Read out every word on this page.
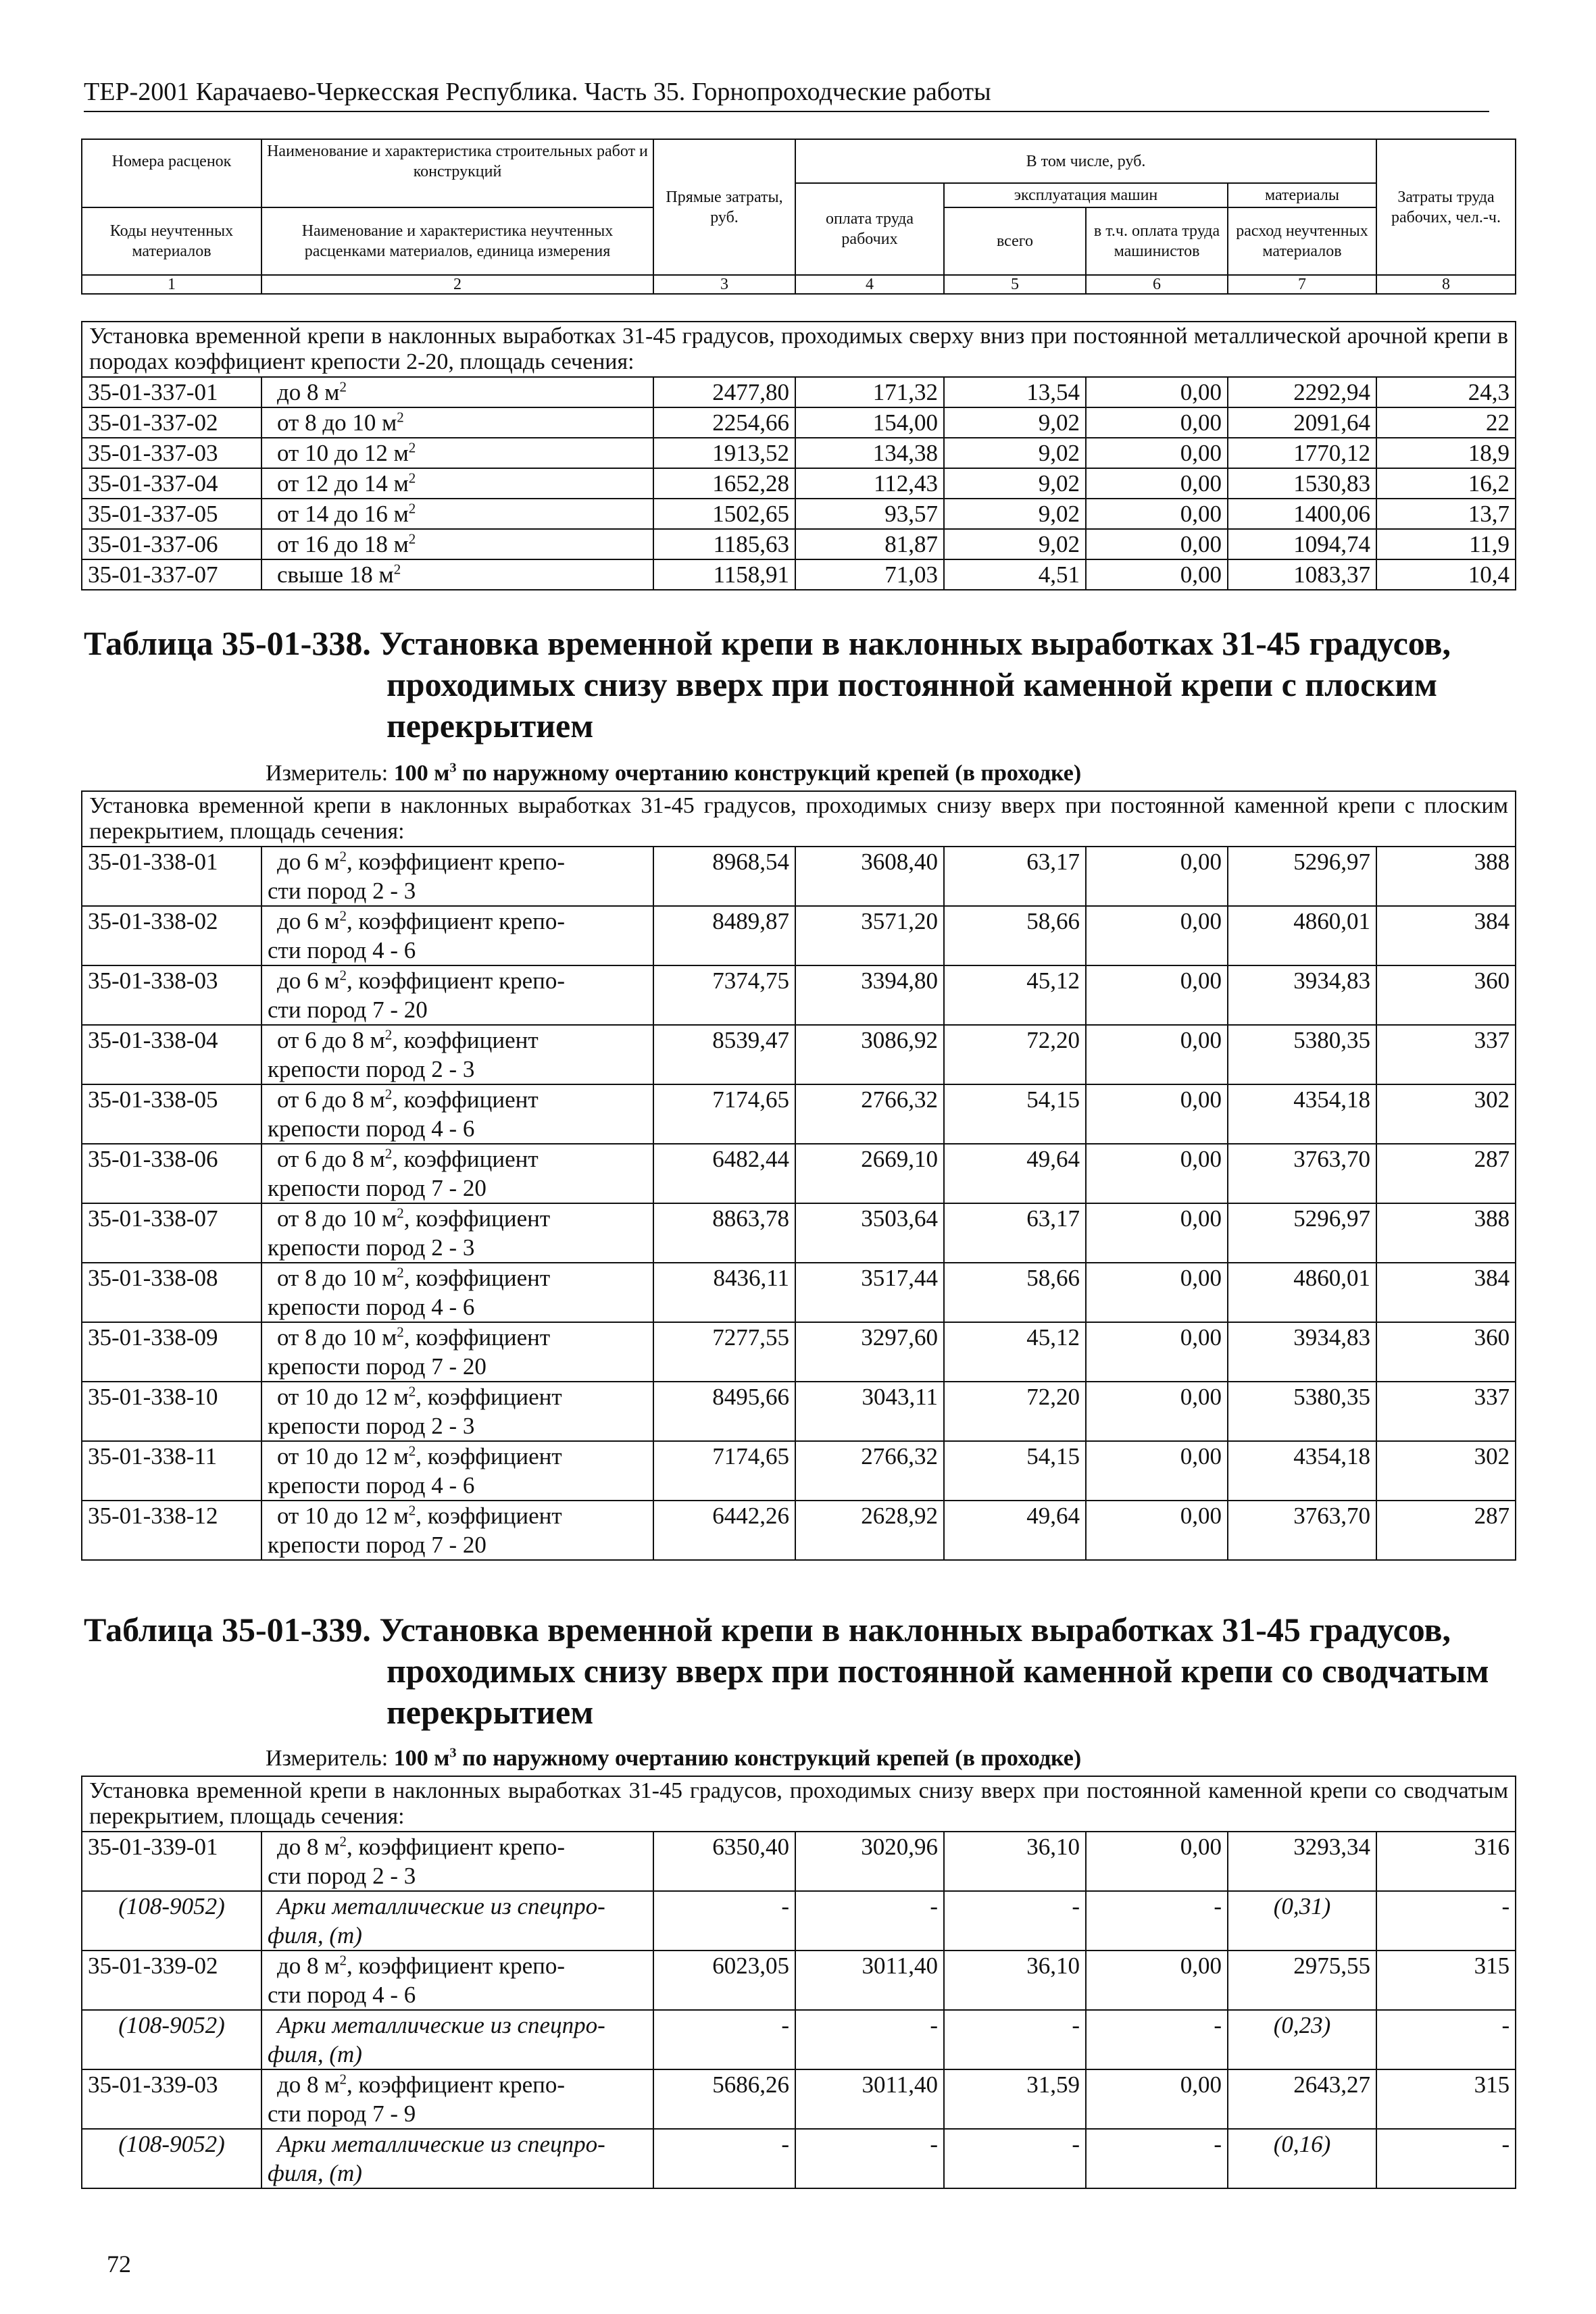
ТЕР-2001 Карачаево-Черкесская Республика. Часть 35. Горнопроходческие работы
Номера расценок	Наименование и характеристика строительных работ и конструкций	Прямые затраты, руб.	В том числе, руб.				Затраты труда рабочих, чел.-ч.
			оплата труда рабочих	эксплуатация машин		материалы	
Коды неучтенных материалов	Наименование и характеристика неучтенных расценками материалов, единица измерения			всего	в т.ч. оплата труда машинистов	расход неучтенных материалов	

1	2	3	4	5	6	7	8
Установка временной крепи в наклонных выработках 31-45 градусов, проходимых сверху вниз при постоянной металлической арочной крепи в породах коэффициент крепости 2-20, площадь сечения:							
35-01-337-01	до 8 $м^2$	2477,80	171,32	13,54	0,00	2292,94	24,3
35-01-337-02	от 8 до 10 $м^2$	2254,66	154,00	9,02	0,00	2091,64	22
35-01-337-03	от 10 до 12 $м^2$	1913,52	134,38	9,02	0,00	1770,12	18,9
35-01-337-04	от 12 до 14 $м^2$	1652,28	112,43	9,02	0,00	1530,83	16,2
35-01-337-05	от 14 до 16 $м^2$	1502,65	93,57	9,02	0,00	1400,06	13,7
35-01-337-06	от 16 до 18 $м^2$	1185,63	81,87	9,02	0,00	1094,74	11,9
35-01-337-07	свыше 18 $м^2$	1158,91	71,03	4,51	0,00	1083,37	10,4
Таблица 35-01-338. Установка временной крепи в наклонных выработках 31-45 градусов,
проходимых снизу вверх при постоянной каменной крепи с плоским
перекрытием
Измеритель: 100 $м^3$ по наружному очертанию конструкций крепей (в проходке)
Установка временной крепи в наклонных выработках 31-45 градусов, проходимых снизу вверх при постоянной каменной крепи с плоским перекрытием, площадь сечения:							
35-01-338-01	до 6 $м^2$, коэффициент крепо-
сти пород 2 - 3	8968,54	3608,40	63,17	0,00	5296,97	388
35-01-338-02	до 6 $м^2$, коэффициент крепо-
сти пород 4 - 6	8489,87	3571,20	58,66	0,00	4860,01	384
35-01-338-03	до 6 $м^2$, коэффициент крепо-
сти пород 7 - 20	7374,75	3394,80	45,12	0,00	3934,83	360
35-01-338-04	от 6 до 8 $м^2$, коэффициент
крепости пород 2 - 3	8539,47	3086,92	72,20	0,00	5380,35	337
35-01-338-05	от 6 до 8 $м^2$, коэффициент
крепости пород 4 - 6	7174,65	2766,32	54,15	0,00	4354,18	302
35-01-338-06	от 6 до 8 $м^2$, коэффициент
крепости пород 7 - 20	6482,44	2669,10	49,64	0,00	3763,70	287
35-01-338-07	от 8 до 10 $м^2$, коэффициент
крепости пород 2 - 3	8863,78	3503,64	63,17	0,00	5296,97	388
35-01-338-08	от 8 до 10 $м^2$, коэффициент
крепости пород 4 - 6	8436,11	3517,44	58,66	0,00	4860,01	384
35-01-338-09	от 8 до 10 $м^2$, коэффициент
крепости пород 7 - 20	7277,55	3297,60	45,12	0,00	3934,83	360
35-01-338-10	от 10 до 12 $м^2$, коэффициент
крепости пород 2 - 3	8495,66	3043,11	72,20	0,00	5380,35	337
35-01-338-11	от 10 до 12 $м^2$, коэффициент
крепости пород 4 - 6	7174,65	2766,32	54,15	0,00	4354,18	302
35-01-338-12	от 10 до 12 $м^2$, коэффициент
крепости пород 7 - 20	6442,26	2628,92	49,64	0,00	3763,70	287
Таблица 35-01-339. Установка временной крепи в наклонных выработках 31-45 градусов,
проходимых снизу вверх при постоянной каменной крепи со сводчатым
перекрытием
Измеритель: 100 $м^3$ по наружному очертанию конструкций крепей (в проходке)
Установка временной крепи в наклонных выработках 31-45 градусов, проходимых снизу вверх при постоянной каменной крепи со сводчатым перекрытием, площадь сечения:							
35-01-339-01	до 8 $м^2$, коэффициент крепо-
сти пород 2 - 3	6350,40	3020,96	36,10	0,00	3293,34	316
(108-9052)	Арки металлические из спецпро-
филя, (т)	-	-	-	-	(0,31)	-
35-01-339-02	до 8 $м^2$, коэффициент крепо-
сти пород 4 - 6	6023,05	3011,40	36,10	0,00	2975,55	315
(108-9052)	Арки металлические из спецпро-
филя, (т)	-	-	-	-	(0,23)	-
35-01-339-03	до 8 $м^2$, коэффициент крепо-
сти пород 7 - 9	5686,26	3011,40	31,59	0,00	2643,27	315
(108-9052)	Арки металлические из спецпро-
филя, (т)	-	-	-	-	(0,16)	-
72
